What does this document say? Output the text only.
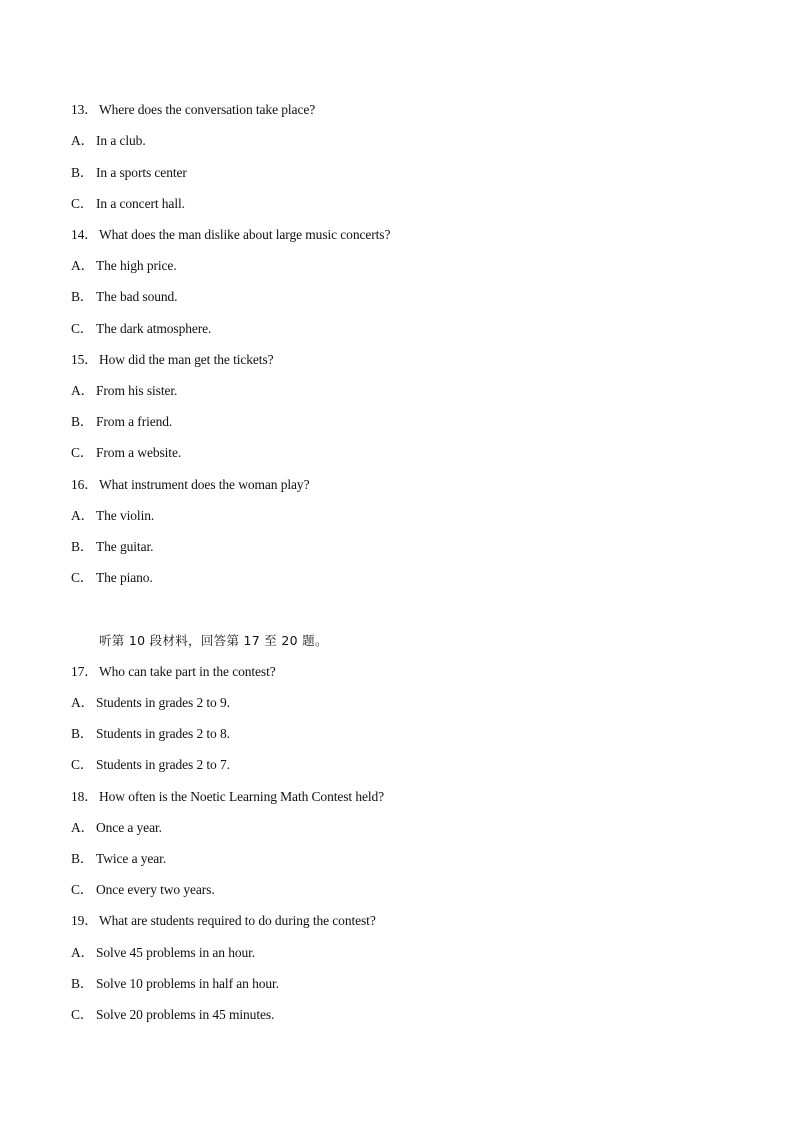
13．Where does the conversation take place?
A． In a club.
B． In a sports center
C． In a concert hall.
14．What does the man dislike about large music concerts?
A． The high price.
B． The bad sound.
C． The dark atmosphere.
15．How did the man get the tickets?
A． From his sister.
B． From a friend.
C． From a website.
16．What instrument does the woman play?
A． The violin.
B． The guitar.
C． The piano.
听第 10 段材料，回答第 17 至 20 题。
17．Who can take part in the contest?
A． Students in grades 2 to 9.
B． Students in grades 2 to 8.
C． Students in grades 2 to 7.
18．How often is the Noetic Learning Math Contest held?
A． Once a year.
B． Twice a year.
C． Once every two years.
19．What are students required to do during the contest?
A． Solve 45 problems in an hour.
B． Solve 10 problems in half an hour.
C． Solve 20 problems in 45 minutes.
